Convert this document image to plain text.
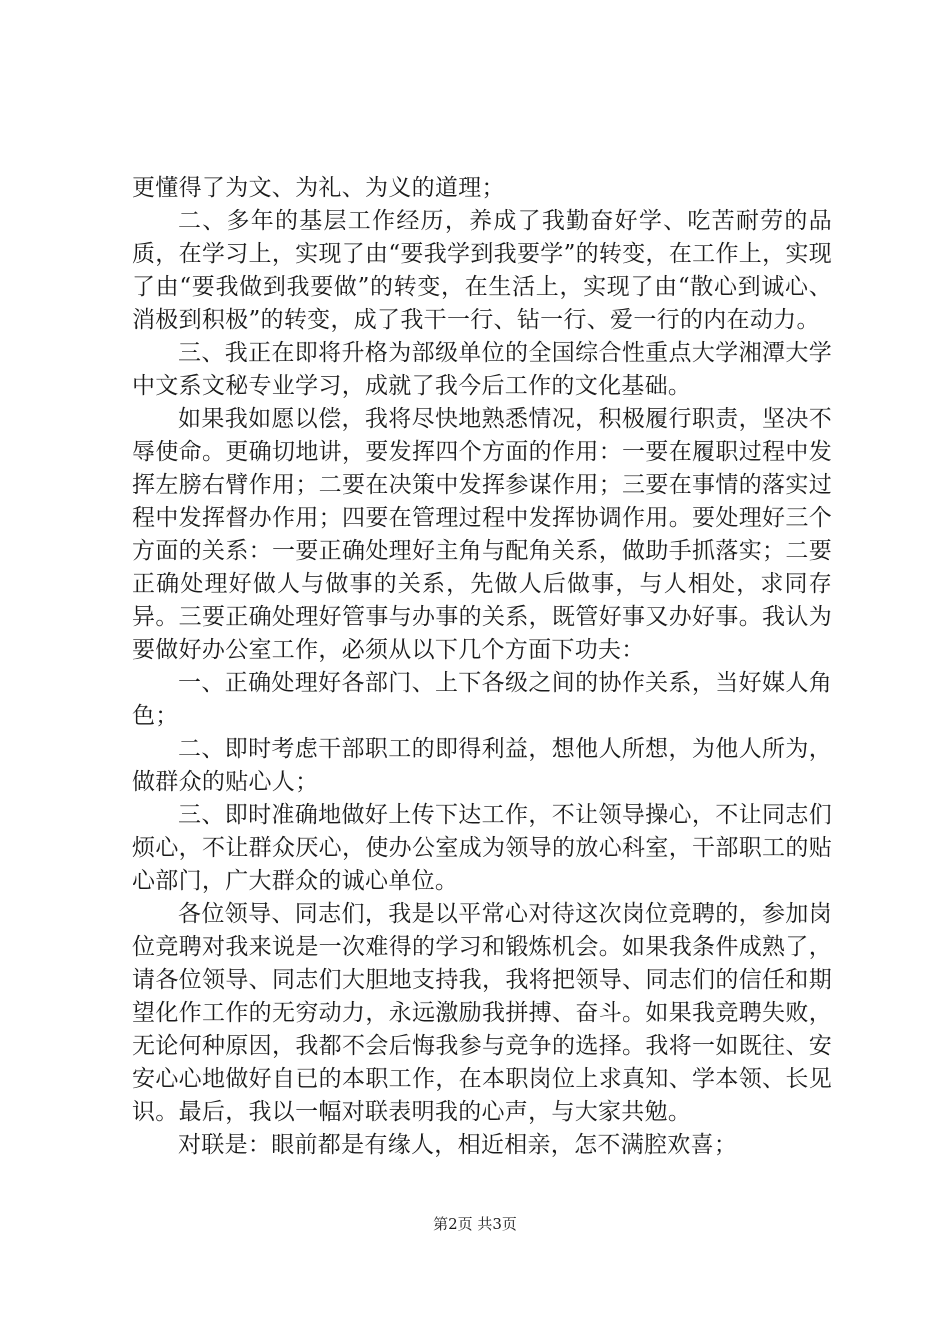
更懂得了为文、为礼、为义的道理；

二、多年的基层工作经历，养成了我勤奋好学、吃苦耐劳的品质，在学习上，实现了由“要我学到我要学”的转变，在工作上，实现了由“要我做到我要做”的转变，在生活上，实现了由“散心到诚心、消极到积极”的转变，成了我干一行、钻一行、爱一行的内在动力。

三、我正在即将升格为部级单位的全国综合性重点大学湘潭大学中文系文秘专业学习，成就了我今后工作的文化基础。

如果我如愿以偿，我将尽快地熟悉情况，积极履行职责，坚决不辱使命。更确切地讲，要发挥四个方面的作用：一要在履职过程中发挥左膀右臂作用；二要在决策中发挥参谋作用；三要在事情的落实过程中发挥督办作用；四要在管理过程中发挥协调作用。要处理好三个方面的关系：一要正确处理好主角与配角关系，做助手抓落实；二要正确处理好做人与做事的关系，先做人后做事，与人相处，求同存异。三要正确处理好管事与办事的关系，既管好事又办好事。我认为要做好办公室工作，必须从以下几个方面下功夫：

一、正确处理好各部门、上下各级之间的协作关系，当好媒人角色；

二、即时考虑干部职工的即得利益，想他人所想，为他人所为，做群众的贴心人；

三、即时准确地做好上传下达工作，不让领导操心，不让同志们烦心，不让群众厌心，使办公室成为领导的放心科室，干部职工的贴心部门，广大群众的诚心单位。

各位领导、同志们，我是以平常心对待这次岗位竞聘的，参加岗位竞聘对我来说是一次难得的学习和锻炼机会。如果我条件成熟了，请各位领导、同志们大胆地支持我，我将把领导、同志们的信任和期望化作工作的无穷动力，永远激励我拼搏、奋斗。如果我竞聘失败，无论何种原因，我都不会后悔我参与竞争的选择。我将一如既往、安安心心地做好自已的本职工作，在本职岗位上求真知、学本领、长见识。最后，我以一幅对联表明我的心声，与大家共勉。

对联是：眼前都是有缘人，相近相亲，怎不满腔欢喜；

第2页 共3页
